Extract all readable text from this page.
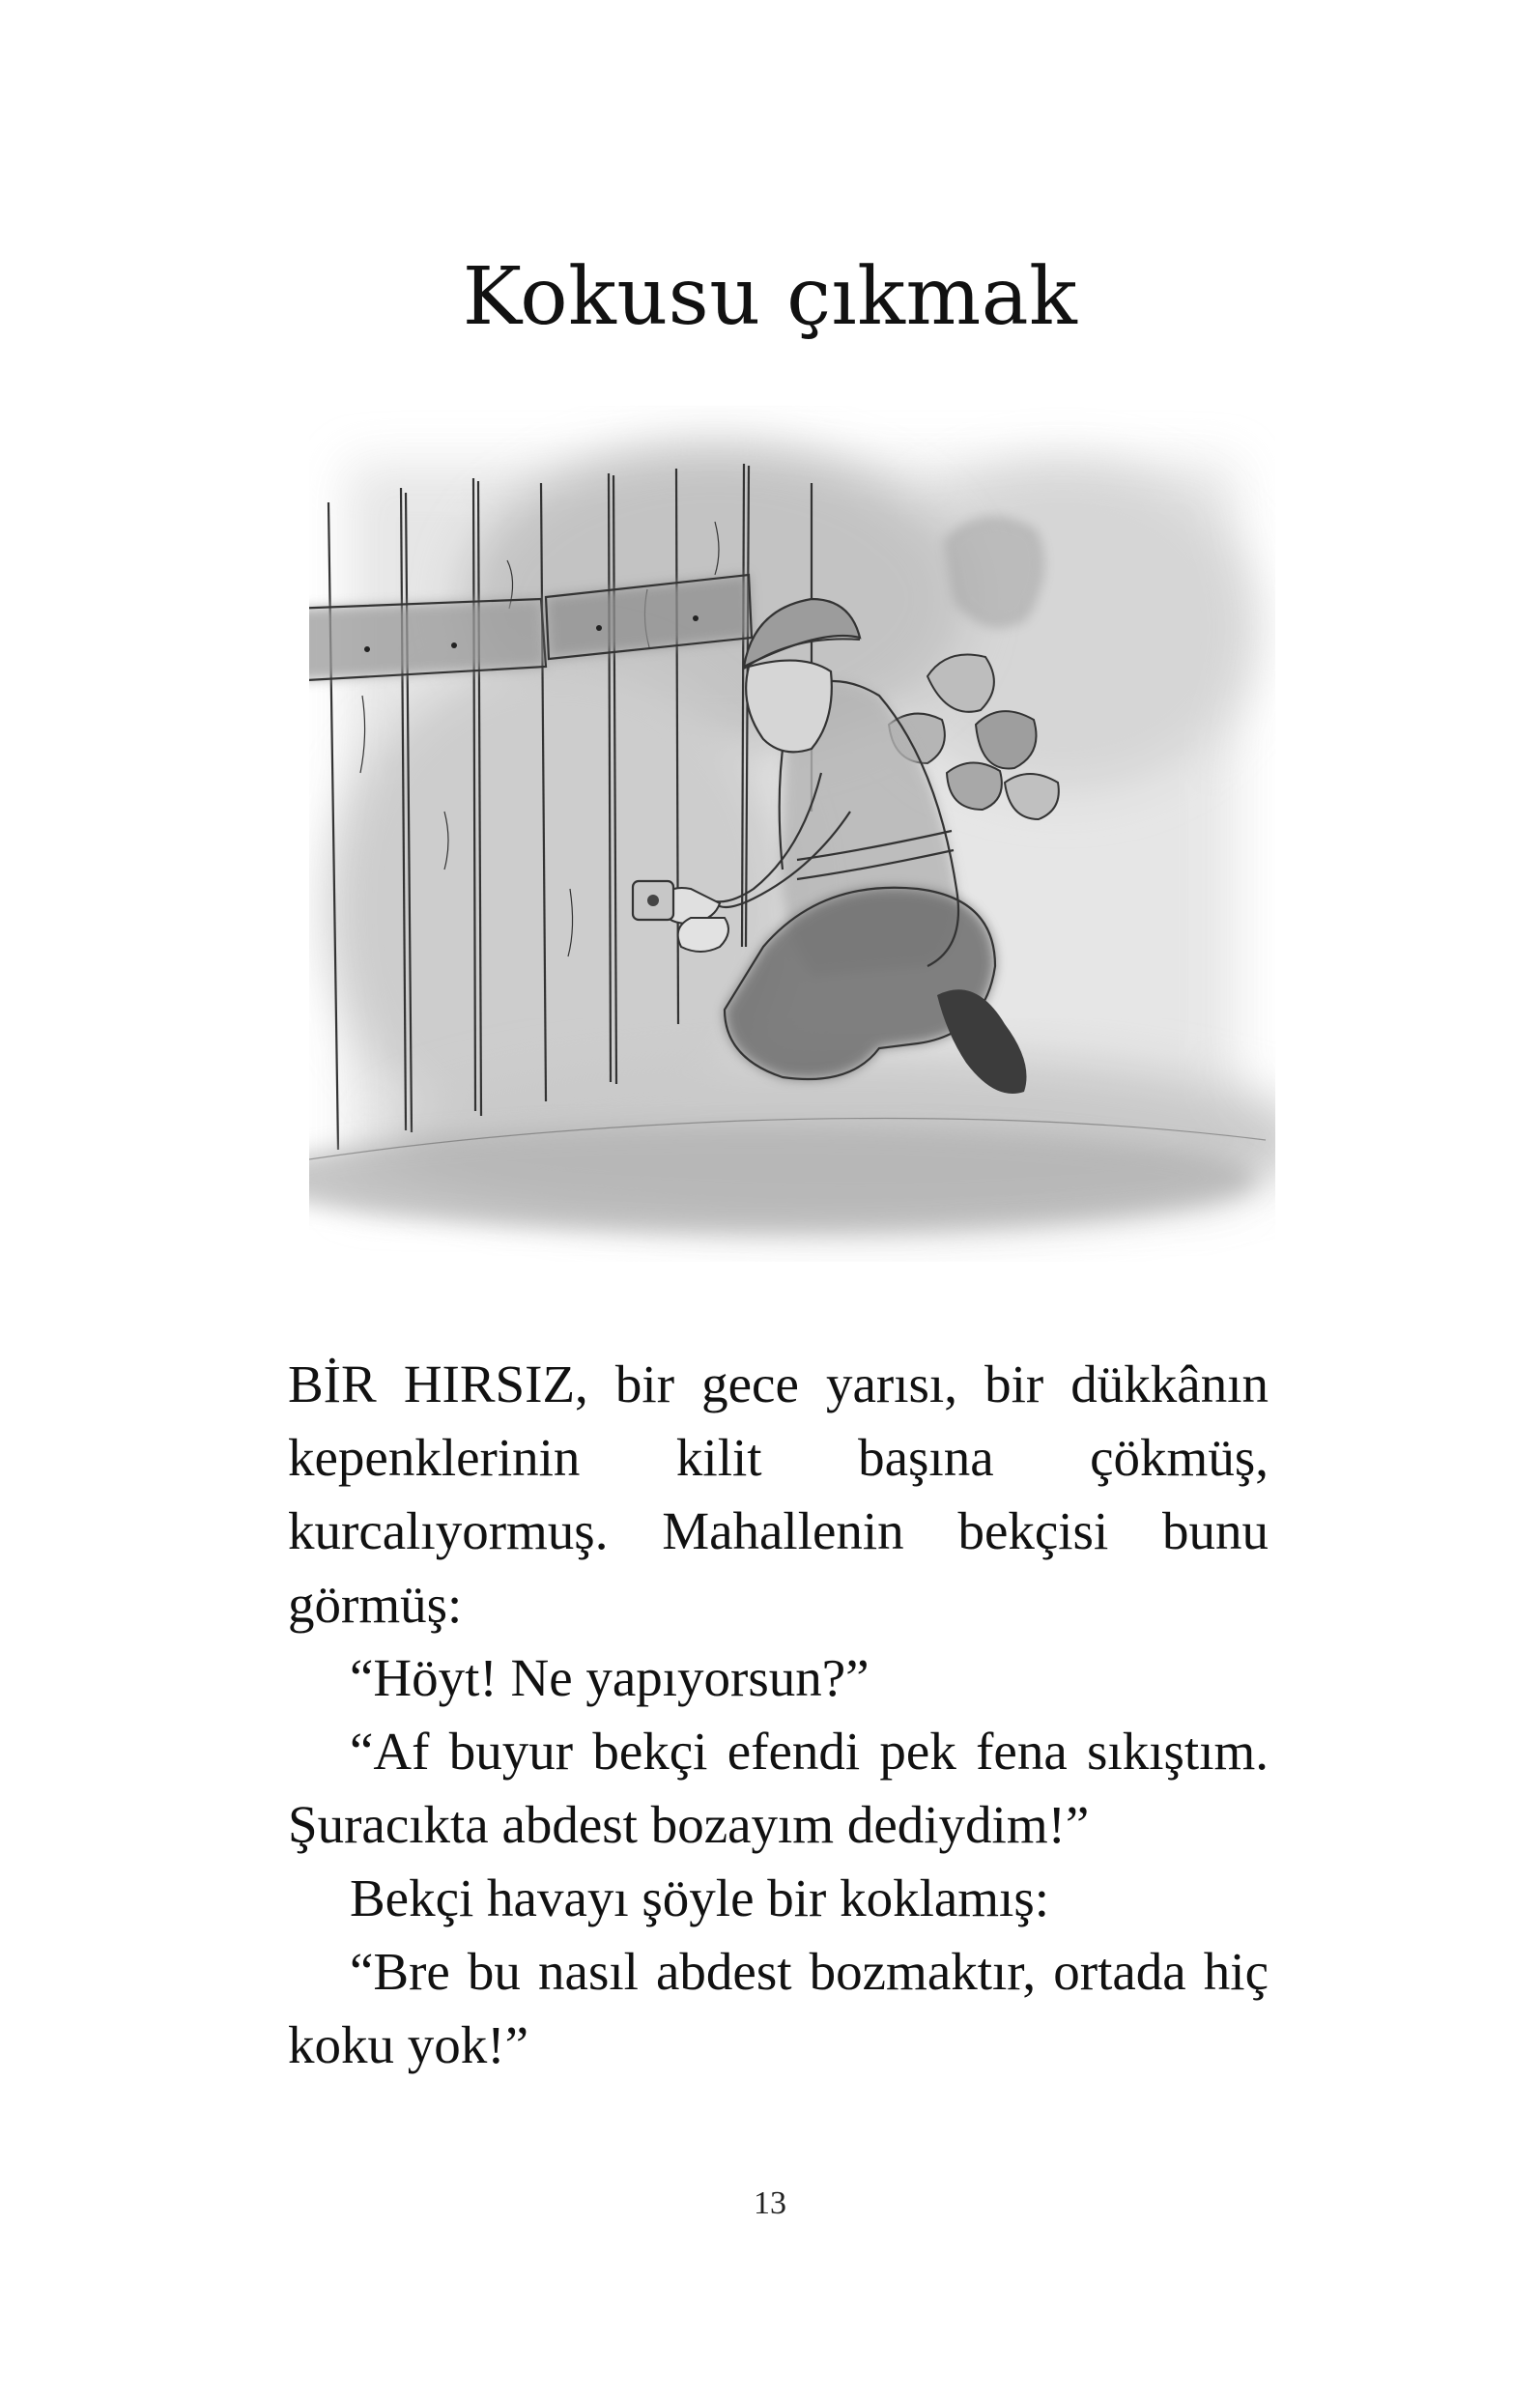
Kokusu çıkmak

BİR HIRSIZ, bir gece yarısı, bir dükkânın kepenklerinin kilit başına çökmüş, kurcalıyormuş. Mahallenin bekçisi bunu görmüş:

“Höyt! Ne yapıyorsun?”

“Af buyur bekçi efendi pek fena sıkıştım. Şuracıkta abdest bozayım dediydim!”

Bekçi havayı şöyle bir koklamış:

“Bre bu nasıl abdest bozmaktır, ortada hiç koku yok!”

13
